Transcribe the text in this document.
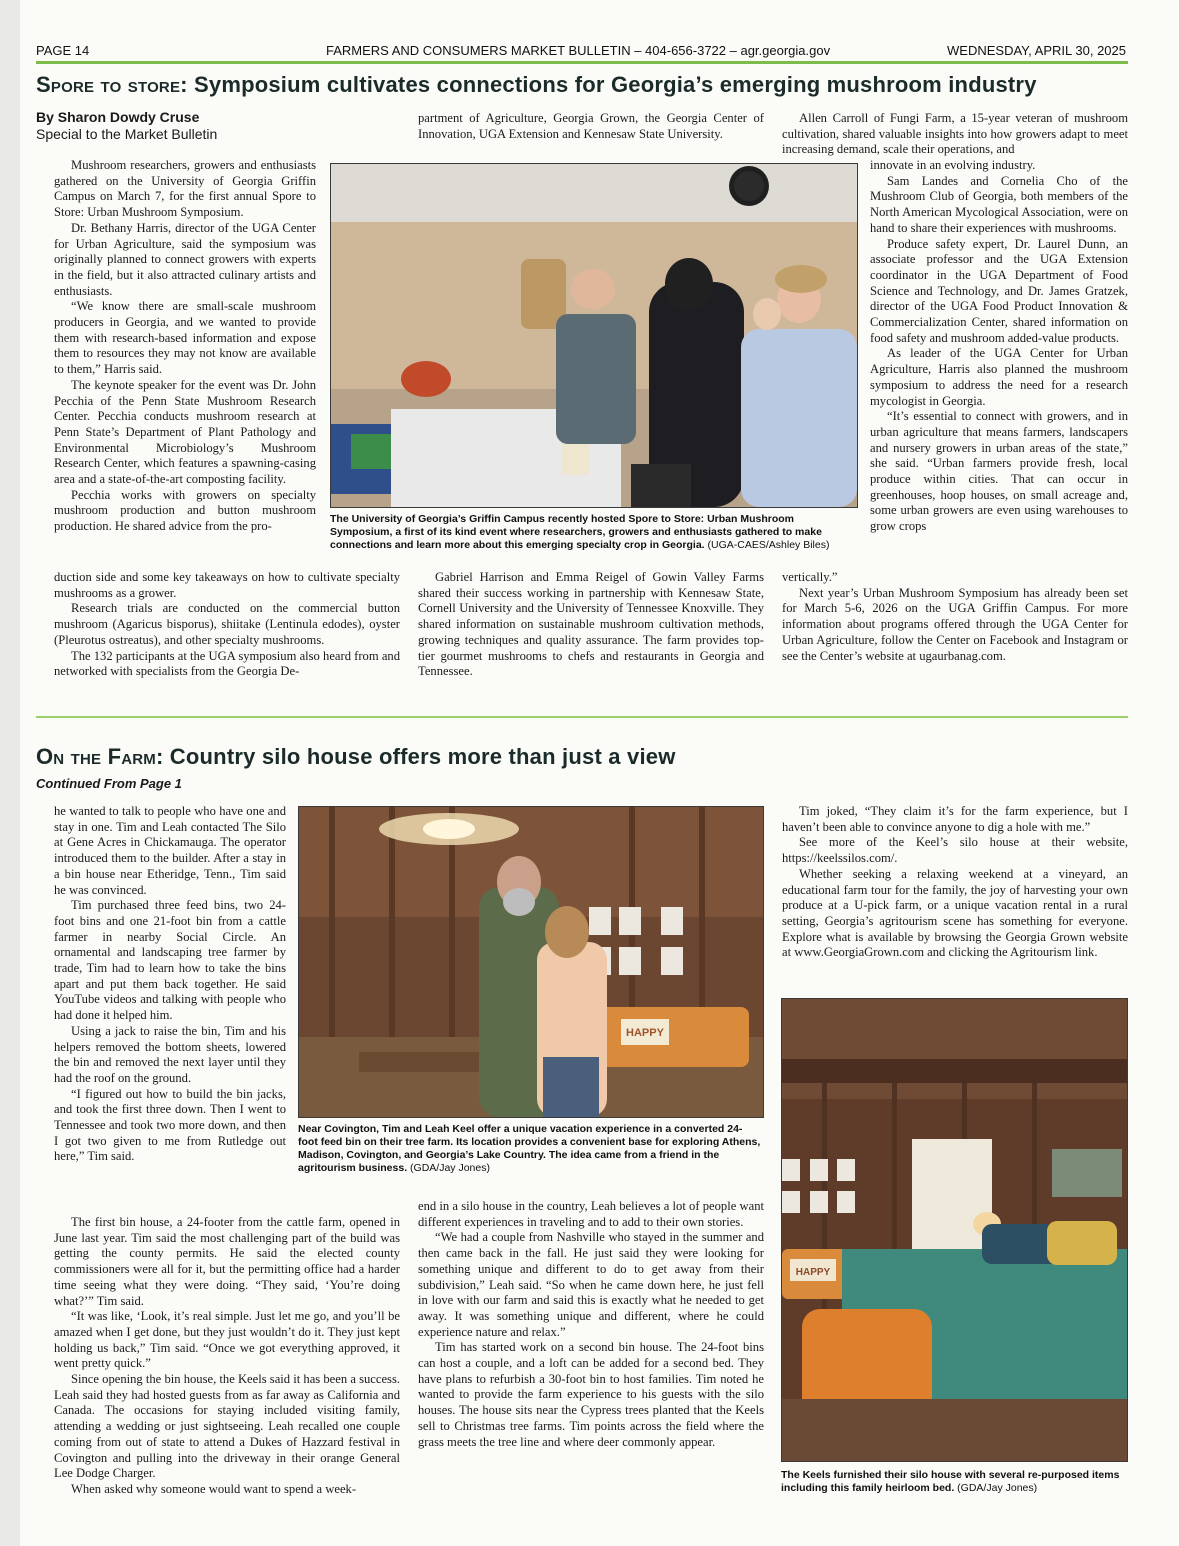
PAGE 14	FARMERS AND CONSUMERS MARKET BULLETIN – 404-656-3722 – agr.georgia.gov	WEDNESDAY, APRIL 30, 2025
Spore to store: Symposium cultivates connections for Georgia’s emerging mushroom industry
By Sharon Dowdy Cruse
Special to the Market Bulletin

Mushroom researchers, growers and enthusiasts gathered on the University of Georgia Griffin Campus on March 7, for the first annual Spore to Store: Urban Mushroom Symposium.

Dr. Bethany Harris, director of the UGA Center for Urban Agriculture, said the symposium was originally planned to connect growers with experts in the field, but it also attracted culinary artists and enthusiasts.

“We know there are small-scale mushroom producers in Georgia, and we wanted to provide them with research-based information and expose them to resources they may not know are available to them,” Harris said.

The keynote speaker for the event was Dr. John Pecchia of the Penn State Mushroom Research Center. Pecchia conducts mushroom research at Penn State’s Department of Plant Pathology and Environmental Microbiology’s Mushroom Research Center, which features a spawning-casing area and a state-of-the-art composting facility.

Pecchia works with growers on specialty mushroom production and button mushroom production. He shared advice from the pro-

duction side and some key takeaways on how to cultivate specialty mushrooms as a grower.

Research trials are conducted on the commercial button mushroom (Agaricus bisporus), shiitake (Lentinula edodes), oyster (Pleurotus ostreatus), and other specialty mushrooms.

The 132 participants at the UGA symposium also heard from and networked with specialists from the Georgia De-

partment of Agriculture, Georgia Grown, the Georgia Center of Innovation, UGA Extension and Kennesaw State University.

Gabriel Harrison and Emma Reigel of Gowin Valley Farms shared their success working in partnership with Kennesaw State, Cornell University and the University of Tennessee Knoxville. They shared information on sustainable mushroom cultivation methods, growing techniques and quality assurance. The farm provides top-tier gourmet mushrooms to chefs and restaurants in Georgia and Tennessee.

Allen Carroll of Fungi Farm, a 15-year veteran of mushroom cultivation, shared valuable insights into how growers adapt to meet increasing demand, scale their operations, and

innovate in an evolving industry.

Sam Landes and Cornelia Cho of the Mushroom Club of Georgia, both members of the North American Mycological Association, were on hand to share their experiences with mushrooms.

Produce safety expert, Dr. Laurel Dunn, an associate professor and the UGA Extension coordinator in the UGA Department of Food Science and Technology, and Dr. James Gratzek, director of the UGA Food Product Innovation & Commercialization Center, shared information on food safety and mushroom added-value products.

As leader of the UGA Center for Urban Agriculture, Harris also planned the mushroom symposium to address the need for a research mycologist in Georgia.

“It’s essential to connect with growers, and in urban agriculture that means farmers, landscapers and nursery growers in urban areas of the state,” she said. “Urban farmers provide fresh, local produce within cities. That can occur in greenhouses, hoop houses, on small acreage and, some urban growers are even using warehouses to grow crops

vertically.”

Next year’s Urban Mushroom Symposium has already been set for March 5-6, 2026 on the UGA Griffin Campus. For more information about programs offered through the UGA Center for Urban Agriculture, follow the Center on Facebook and Instagram or see the Center’s website at ugaurbanag.com.

The University of Georgia’s Griffin Campus recently hosted Spore to Store: Urban Mushroom Symposium, a first of its kind event where researchers, growers and enthusiasts gathered to make connections and learn more about this emerging specialty crop in Georgia. (UGA-CAES/Ashley Biles)
On the Farm: Country silo house offers more than just a view
Continued From Page 1

he wanted to talk to people who have one and stay in one. Tim and Leah contacted The Silo at Gene Acres in Chickamauga. The operator introduced them to the builder. After a stay in a bin house near Etheridge, Tenn., Tim said he was convinced.

Tim purchased three feed bins, two 24-foot bins and one 21-foot bin from a cattle farmer in nearby Social Circle. An ornamental and landscaping tree farmer by trade, Tim had to learn how to take the bins apart and put them back together. He said YouTube videos and talking with people who had done it helped him.

Using a jack to raise the bin, Tim and his helpers removed the bottom sheets, lowered the bin and removed the next layer until they had the roof on the ground.

“I figured out how to build the bin jacks, and took the first three down. Then I went to Tennessee and took two more down, and then I got two given to me from Rutledge out here,” Tim said.

The first bin house, a 24-footer from the cattle farm, opened in June last year. Tim said the most challenging part of the build was getting the county permits. He said the elected county commissioners were all for it, but the permitting office had a harder time seeing what they were doing. “They said, ‘You’re doing what?’” Tim said.

“It was like, ‘Look, it’s real simple. Just let me go, and you’ll be amazed when I get done, but they just wouldn’t do it. They just kept holding us back,” Tim said. “Once we got everything approved, it went pretty quick.”

Since opening the bin house, the Keels said it has been a success. Leah said they had hosted guests from as far away as California and Canada. The occasions for staying included visiting family, attending a wedding or just sightseeing. Leah recalled one couple coming from out of state to attend a Dukes of Hazzard festival in Covington and pulling into the driveway in their orange General Lee Dodge Charger.

When asked why someone would want to spend a week-

end in a silo house in the country, Leah believes a lot of people want different experiences in traveling and to add to their own stories.

“We had a couple from Nashville who stayed in the summer and then came back in the fall. He just said they were looking for something unique and different to do to get away from their subdivision,” Leah said. “So when he came down here, he just fell in love with our farm and said this is exactly what he needed to get away. It was something unique and different, where he could experience nature and relax.”

Tim has started work on a second bin house. The 24-foot bins can host a couple, and a loft can be added for a second bed. They have plans to refurbish a 30-foot bin to host families. Tim noted he wanted to provide the farm experience to his guests with the silo houses. The house sits near the Cypress trees planted that the Keels sell to Christmas tree farms. Tim points across the field where the grass meets the tree line and where deer commonly appear.

Tim joked, “They claim it’s for the farm experience, but I haven’t been able to convince anyone to dig a hole with me.”

See more of the Keel’s silo house at their website, https://keelssilos.com/.

Whether seeking a relaxing weekend at a vineyard, an educational farm tour for the family, the joy of harvesting your own produce at a U-pick farm, or a unique vacation rental in a rural setting, Georgia’s agritourism scene has something for everyone. Explore what is available by browsing the Georgia Grown website at www.GeorgiaGrown.com and clicking the Agritourism link.

HAPPY
Near Covington, Tim and Leah Keel offer a unique vacation experience in a converted 24-foot feed bin on their tree farm. Its location provides a convenient base for exploring Athens, Madison, Covington, and Georgia’s Lake Country. The idea came from a friend in the agritourism business. (GDA/Jay Jones)
HAPPY
The Keels furnished their silo house with several re-purposed items including this family heirloom bed. (GDA/Jay Jones)
